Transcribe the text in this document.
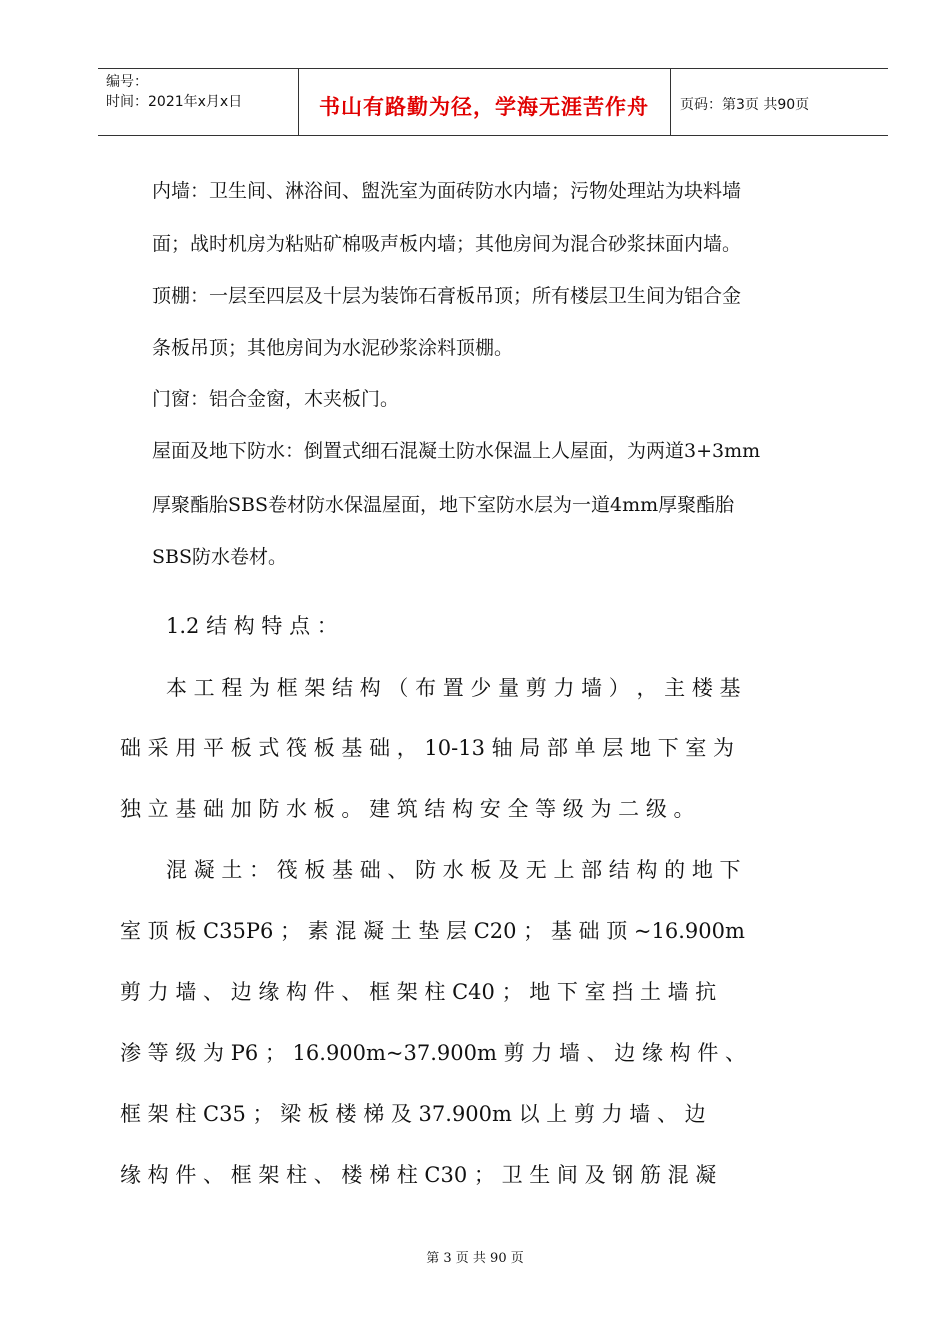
编号：
时间：2021年x月x日	书山有路勤为径，学海无涯苦作舟	页码：第3页 共90页

内墙：卫生间、淋浴间、盥洗室为面砖防水内墙；污物处理站为块料墙

面；战时机房为粘贴矿棉吸声板内墙；其他房间为混合砂浆抹面内墙。

顶棚：一层至四层及十层为装饰石膏板吊顶；所有楼层卫生间为铝合金

条板吊顶；其他房间为水泥砂浆涂料顶棚。

门窗：铝合金窗，木夹板门。

屋面及地下防水：倒置式细石混凝土防水保温上人屋面，为两道3+3mm

厚聚酯胎SBS卷材防水保温屋面，地下室防水层为一道4mm厚聚酯胎

SBS防水卷材。

1.2 结 构 特 点 ：

本 工 程 为 框 架 结 构 （ 布 置 少 量 剪 力 墙 ） ， 主 楼 基

础 采 用 平 板 式 筏 板 基 础 ， 10-13 轴 局 部 单 层 地 下 室 为

独 立 基 础 加 防 水 板 。 建 筑 结 构 安 全 等 级 为 二 级 。

混 凝 土 ： 筏 板 基 础 、 防 水 板 及 无 上 部 结 构 的 地 下

室 顶 板 C35P6 ； 素 混 凝 土 垫 层 C20 ； 基 础 顶 ~16.900m

剪 力 墙 、 边 缘 构 件 、 框 架 柱 C40 ； 地 下 室 挡 土 墙 抗

渗 等 级 为 P6 ； 16.900m~37.900m 剪 力 墙 、 边 缘 构 件 、

框 架 柱 C35 ； 梁 板 楼 梯 及 37.900m 以 上 剪 力 墙 、 边

缘 构 件 、 框 架 柱 、 楼 梯 柱 C30 ； 卫 生 间 及 钢 筋 混 凝

第 3 页 共 90 页
